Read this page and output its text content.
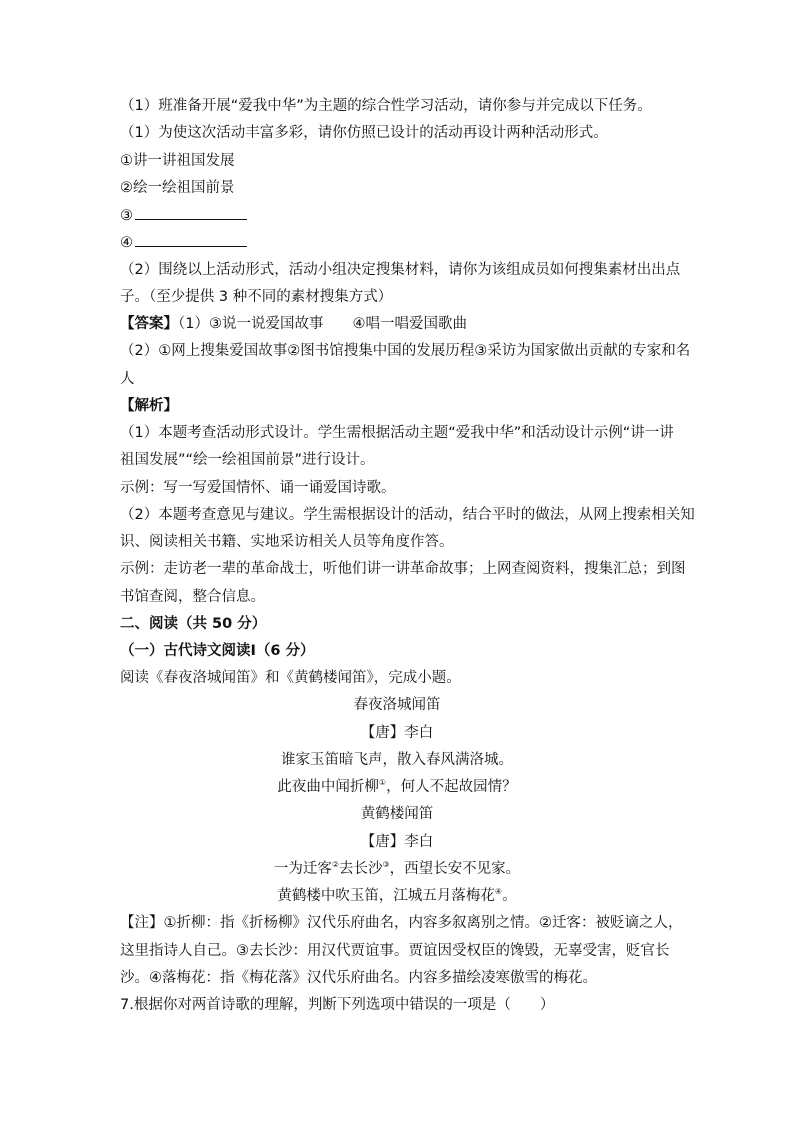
（1）班准备开展“爱我中华”为主题的综合性学习活动，请你参与并完成以下任务。
（1）为使这次活动丰富多彩，请你仿照已设计的活动再设计两种活动形式。
①讲一讲祖国发展
②绘一绘祖国前景
③
④
（2）围绕以上活动形式，活动小组决定搜集材料，请你为该组成员如何搜集素材出出点
子。（至少提供 3 种不同的素材搜集方式）
【答案】（1）③说一说爱国故事　　④唱一唱爱国歌曲
（2）①网上搜集爱国故事②图书馆搜集中国的发展历程③采访为国家做出贡献的专家和名
人
【解析】
（1）本题考查活动形式设计。学生需根据活动主题“爱我中华”和活动设计示例“讲一讲
祖国发展”“绘一绘祖国前景”进行设计。
示例：写一写爱国情怀、诵一诵爱国诗歌。
（2）本题考查意见与建议。学生需根据设计的活动，结合平时的做法，从网上搜索相关知
识、阅读相关书籍、实地采访相关人员等角度作答。
示例：走访老一辈的革命战士，听他们讲一讲革命故事；上网查阅资料，搜集汇总；到图
书馆查阅，整合信息。
二、阅读（共 50 分）
（一）古代诗文阅读Ⅰ（6 分）
阅读《春夜洛城闻笛》和《黄鹤楼闻笛》，完成小题。
春夜洛城闻笛
【唐】李白
谁家玉笛暗飞声，散入春风满洛城。
此夜曲中闻折柳①，何人不起故园情？
黄鹤楼闻笛
【唐】李白
一为迁客②去长沙③，西望长安不见家。
黄鹤楼中吹玉笛，江城五月落梅花④。
【注】①折柳：指《折杨柳》汉代乐府曲名，内容多叙离别之情。②迁客：被贬谪之人，
这里指诗人自己。③去长沙：用汉代贾谊事。贾谊因受权臣的馋毁，无辜受害，贬官长
沙。④落梅花：指《梅花落》汉代乐府曲名。内容多描绘凌寒傲雪的梅花。
7.根据你对两首诗歌的理解，判断下列选项中错误的一项是（　　）
